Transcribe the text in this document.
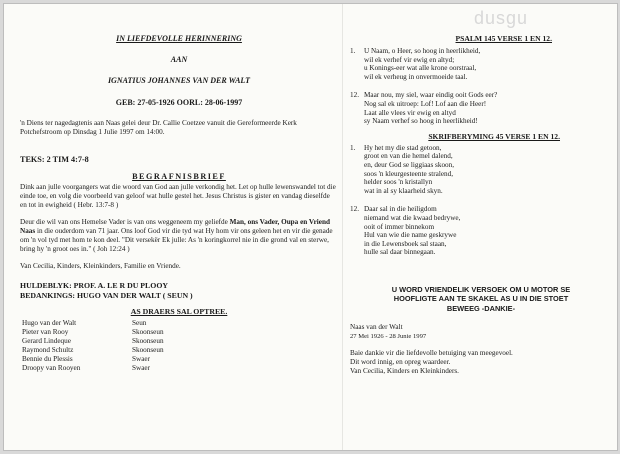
dusgu
IN LIEFDEVOLLE HERINNERING
AAN
IGNATIUS JOHANNES VAN DER WALT
GEB: 27-05-1926 OORL: 28-06-1997

'n Diens ter nagedagtenis aan Naas gelei deur Dr. Callie Coetzee vanuit die Gereformeerde Kerk Potchefstroom op Dinsdag 1 Julie 1997 om 14:00.

TEKS: 2 TIM 4:7-8
BEGRAFNISBRIEF

Dink aan julle voorgangers wat die woord van God aan julle verkondig het. Let op hulle lewenswandel tot die einde toe, en volg die voorbeeld van geloof wat hulle gestel het. Jesus Christus is gister en vandag dieselfde en tot in ewigheid ( Hebr. 13:7-8 )

Deur die wil van ons Hemelse Vader is van ons weggeneem my geliefde Man, ons Vader, Oupa en Vriend Naas in die ouderdom van 71 jaar. Ons loof God vir die tyd wat Hy hom vir ons geleen het en vir die genade om 'n vol tyd met hom te kon deel. "Dit versekër Ek julle: As 'n koringkorrel nie in die grond val en sterwe, bring hy 'n groot oes in." ( Joh 12:24 )

Van Cecilia, Kinders, Kleinkinders, Familie en Vriende.

HULDEBLYK: PROF. A. LE R DU PLOOY
BEDANKINGS: HUGO VAN DER WALT ( SEUN )
AS DRAERS SAL OPTREE.
Hugo van der Walt	Seun
Pieter van Rooy	Skoonseun
Gerard Lindeque	Skoonseun
Raymond Schultz	Skoonseun
Bennie du Plessis	Swaer
Droopy van Rooyen	Swaer
PSALM 145 VERSE 1 EN 12.
1.	U Naam, o Heer, so hoog in heerlikheid,
wil ek verhef vir ewig en altyd;
u Konings-eer wat alle krone oorstraal,
wil ek verheug in onvermoeide taal.
12. Maar nou, my siel, waar eindig ooit Gods eer?
Nog sal ek uitroep: Lof! Lof aan die Heer!
Laat alle vlees vir ewig en altyd
sy Naam verhef so hoog in heerlikheid!
SKRIFBERYMING 45 VERSE 1 EN 12.
1.	Hy het my die stad getoon,
groot en van die hemel dalend,
en, deur God se liggiaas skoon,
soos 'n kleurgesteente stralend,
helder soos 'n kristallyn
wat in al sy klaarheid skyn.
12. Daar sal in die heiligdom
niemand wat die kwaad bedrywe,
ooit of immer binnekom
Hul van wie die name geskrywe
in die Lewensboek sal staan,
hulle sal daar binnegaan.
U WORD VRIENDELIK VERSOEK OM U MOTOR SE
HOOFLIGTE AAN TE SKAKEL AS U IN DIE STOET
BEWEEG -DANKIE-
Naas van der Walt
27 Mei 1926 - 28 Junie 1997
Baie dankie vir die liefdevolle betuiging van meegevoel.
Dit word innig, en opreg waardeer.
Van Cecilia, Kinders en Kleinkinders.
